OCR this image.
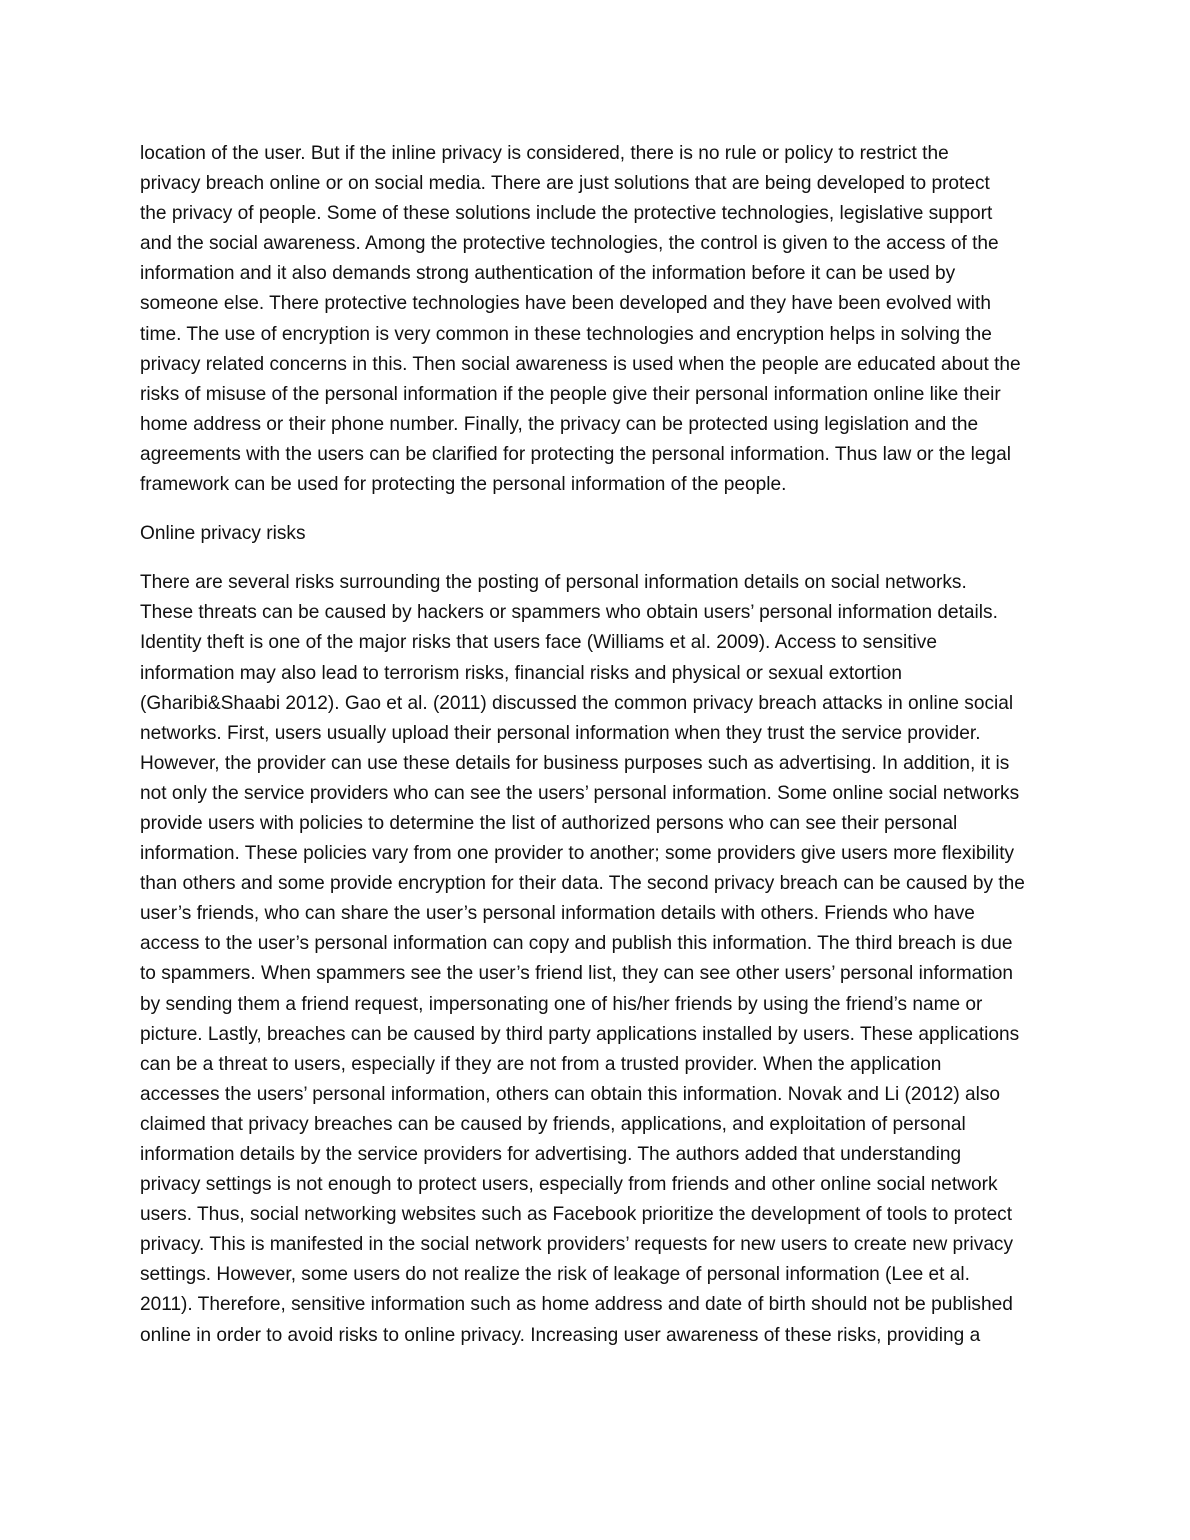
location of the user. But if the inline privacy is considered, there is no rule or policy to restrict the
privacy breach online or on social media. There are just solutions that are being developed to protect
the privacy of people. Some of these solutions include the protective technologies, legislative support
and the social awareness. Among the protective technologies, the control is given to the access of the
information and it also demands strong authentication of the information before it can be used by
someone else. There protective technologies have been developed and they have been evolved with
time. The use of encryption is very common in these technologies and encryption helps in solving the
privacy related concerns in this. Then social awareness is used when the people are educated about the
risks of misuse of the personal information if the people give their personal information online like their
home address or their phone number. Finally, the privacy can be protected using legislation and the
agreements with the users can be clarified for protecting the personal information. Thus law or the legal
framework can be used for protecting the personal information of the people.
Online privacy risks
There are several risks surrounding the posting of personal information details on social networks.
These threats can be caused by hackers or spammers who obtain users’ personal information details.
Identity theft is one of the major risks that users face (Williams et al. 2009). Access to sensitive
information may also lead to terrorism risks, financial risks and physical or sexual extortion
(Gharibi&Shaabi 2012). Gao et al. (2011) discussed the common privacy breach attacks in online social
networks. First, users usually upload their personal information when they trust the service provider.
However, the provider can use these details for business purposes such as advertising. In addition, it is
not only the service providers who can see the users’ personal information. Some online social networks
provide users with policies to determine the list of authorized persons who can see their personal
information. These policies vary from one provider to another; some providers give users more flexibility
than others and some provide encryption for their data. The second privacy breach can be caused by the
user’s friends, who can share the user’s personal information details with others. Friends who have
access to the user’s personal information can copy and publish this information. The third breach is due
to spammers. When spammers see the user’s friend list, they can see other users’ personal information
by sending them a friend request, impersonating one of his/her friends by using the friend’s name or
picture. Lastly, breaches can be caused by third party applications installed by users. These applications
can be a threat to users, especially if they are not from a trusted provider. When the application
accesses the users’ personal information, others can obtain this information. Novak and Li (2012) also
claimed that privacy breaches can be caused by friends, applications, and exploitation of personal
information details by the service providers for advertising. The authors added that understanding
privacy settings is not enough to protect users, especially from friends and other online social network
users. Thus, social networking websites such as Facebook prioritize the development of tools to protect
privacy. This is manifested in the social network providers’ requests for new users to create new privacy
settings. However, some users do not realize the risk of leakage of personal information (Lee et al.
2011). Therefore, sensitive information such as home address and date of birth should not be published
online in order to avoid risks to online privacy. Increasing user awareness of these risks, providing a
